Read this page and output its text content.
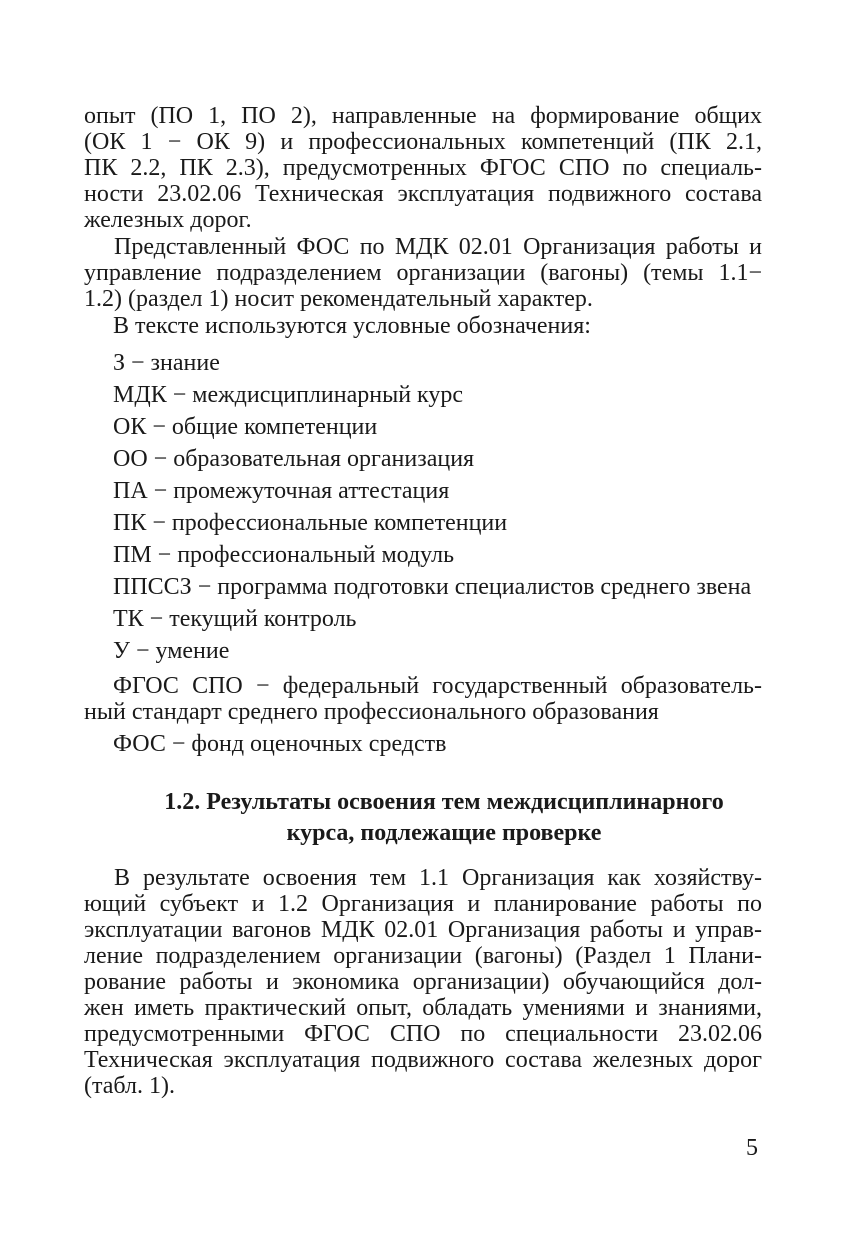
опыт (ПО 1, ПО 2), направленные на формирование общих
(ОК 1 − ОК 9) и профессиональных компетенций (ПК 2.1,
ПК 2.2, ПК 2.3), предусмотренных ФГОС СПО по специаль-
ности 23.02.06 Техническая эксплуатация подвижного состава
железных дорог.
Представленный ФОС по МДК 02.01 Организация работы и
управление подразделением организации (вагоны) (темы 1.1−
1.2) (раздел 1) носит рекомендательный характер.
В тексте используются условные обозначения:
З − знание
МДК − междисциплинарный курс
ОК − общие компетенции
ОО − образовательная организация
ПА − промежуточная аттестация
ПК − профессиональные компетенции
ПМ − профессиональный модуль
ППССЗ − программа подготовки специалистов среднего звена
ТК − текущий контроль
У − умение
ФГОС СПО − федеральный государственный образователь-
ный стандарт среднего профессионального образования
ФОС − фонд оценочных средств
1.2. Результаты освоения тем междисциплинарного
курса, подлежащие проверке
В результате освоения тем 1.1 Организация как хозяйству-
ющий субъект и 1.2 Организация и планирование работы по
эксплуатации вагонов МДК 02.01 Организация работы и управ-
ление подразделением организации (вагоны) (Раздел 1 Плани-
рование работы и экономика организации) обучающийся дол-
жен иметь практический опыт, обладать умениями и знаниями,
предусмотренными ФГОС СПО по специальности 23.02.06
Техническая эксплуатация подвижного состава железных дорог
(табл. 1).
5
